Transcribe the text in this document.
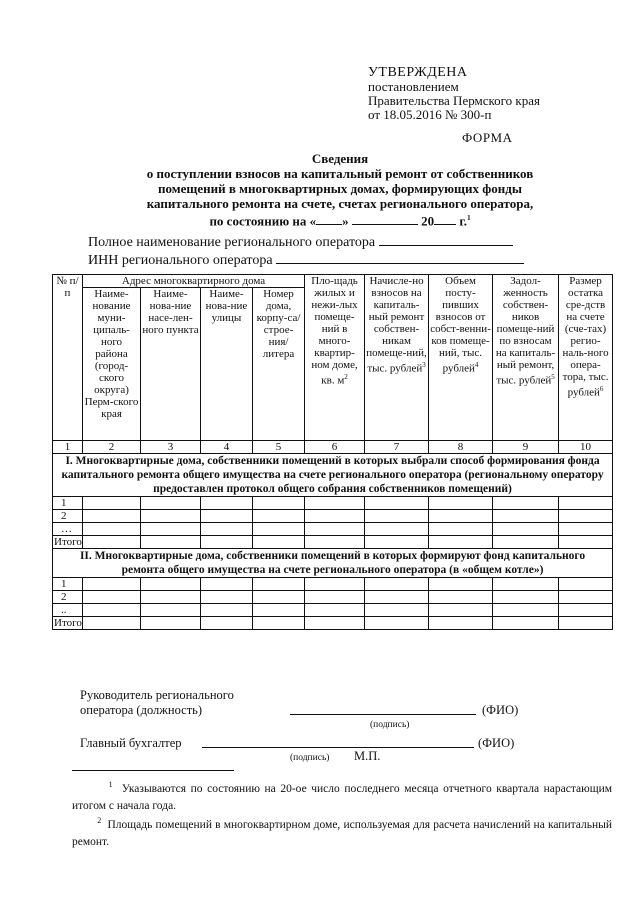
УТВЕРЖДЕНА
постановлением
Правительства Пермского края
от 18.05.2016 № 300-п
ФОРМА
Сведения
о поступлении взносов на капитальный ремонт от собственников
помещений в многоквартирных домах, формирующих фонды
капитального ремонта на счете, счетах регионального оператора,
по состоянию на « »	20 г.$^1$
Полное наименование регионального оператора
ИНН регионального оператора
№ п/п	Адрес многоквартирного дома				Пло-щадь жилых и нежи-лых помеще-ний в много-квартир-ном доме, кв. $м^2$	Начисле-но взносов на капиталь-ный ремонт собствен-никам помеще-ний, тыс. рублей$^3$	Объем посту-пивших взносов от собст-венни-ков помеще-ний, тыс. рублей$^4$	Задол-женность собствен-ников помеще-ний по взносам на капиталь-ный ремонт, тыс. рублей$^5$	Размер остатка сре-дств на счете (сче-тах) регио-наль-ного опера-тора, тыс. рублей$^6$
	Наиме-нование муни-ципаль-ного района (город-ского округа) Перм-ского края	Наиме-нова-ние насе-лен-ного пункта	Наиме-нова-ние улицы	Номер дома, корпу-са/ строе-ния/ литера					
1	2	3	4	5	6	7	8	9	10
I. Многоквартирные дома, собственники помещений в которых выбрали способ формирования фонда капитального ремонта общего имущества на счете регионального оператора (региональному оператору предоставлен протокол общего собрания собственников помещений)									
1									
2									
…									
Итого									
II. Многоквартирные дома, собственники помещений в которых формируют фонд капитального ремонта общего имущества на счете регионального оператора (в «общем котле»)									
1									
2									
..									
Итого									
Руководитель регионального
оператора (должность)	(ФИО)
(подпись)
Главный бухгалтер	(ФИО)
(подпись) М.П.
$^1$ Указываются по состоянию на 20-ое число последнего месяца отчетного квартала нарастающим итогом с начала года.
$^2$ Площадь помещений в многоквартирном доме, используемая для расчета начислений на капитальный ремонт.
